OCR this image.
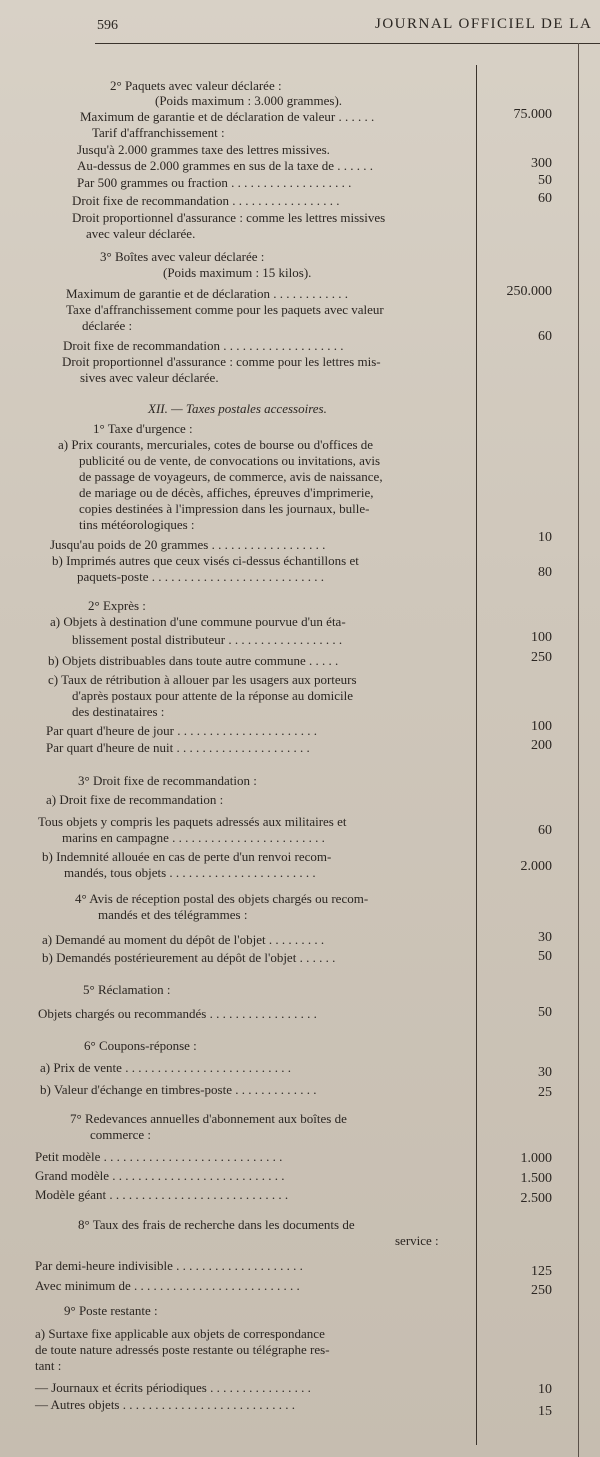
596	JOURNAL OFFICIEL DE LA
2° Paquets avec valeur déclarée :
(Poids maximum : 3.000 grammes).
Maximum de garantie et de déclaration de valeur . . . . . .
Tarif d'affranchissement :
Jusqu'à 2.000 grammes taxe des lettres missives.
Au-dessus de 2.000 grammes en sus de la taxe de . . . . . .
Par 500 grammes ou fraction . . . . . . . . . . . . . . . . . . .
Droit fixe de recommandation . . . . . . . . . . . . . . . . .
Droit proportionnel d'assurance : comme les lettres missives
avec valeur déclarée.
3° Boîtes avec valeur déclarée :
(Poids maximum : 15 kilos).
Maximum de garantie et de déclaration . . . . . . . . . . . .
Taxe d'affranchissement comme pour les paquets avec valeur
déclarée :
Droit fixe de recommandation . . . . . . . . . . . . . . . . . . .
Droit proportionnel d'assurance : comme pour les lettres mis-
sives avec valeur déclarée.
XII. — Taxes postales accessoires.
1° Taxe d'urgence :
a) Prix courants, mercuriales, cotes de bourse ou d'offices de
publicité ou de vente, de convocations ou invitations, avis
de passage de voyageurs, de commerce, avis de naissance,
de mariage ou de décès, affiches, épreuves d'imprimerie,
copies destinées à l'impression dans les journaux, bulle-
tins météorologiques :
Jusqu'au poids de 20 grammes . . . . . . . . . . . . . . . . . .
b) Imprimés autres que ceux visés ci-dessus échantillons et
paquets-poste . . . . . . . . . . . . . . . . . . . . . . . . . . .
2° Exprès :
a) Objets à destination d'une commune pourvue d'un éta-
blissement postal distributeur . . . . . . . . . . . . . . . . . .
b) Objets distribuables dans toute autre commune . . . . .
c) Taux de rétribution à allouer par les usagers aux porteurs
d'après postaux pour attente de la réponse au domicile
des destinataires :
Par quart d'heure de jour . . . . . . . . . . . . . . . . . . . . . .
Par quart d'heure de nuit . . . . . . . . . . . . . . . . . . . . .
3° Droit fixe de recommandation :
a) Droit fixe de recommandation :
Tous objets y compris les paquets adressés aux militaires et
marins en campagne . . . . . . . . . . . . . . . . . . . . . . . .
b) Indemnité allouée en cas de perte d'un renvoi recom-
mandés, tous objets . . . . . . . . . . . . . . . . . . . . . . .
4° Avis de réception postal des objets chargés ou recom-
mandés et des télégrammes :
a) Demandé au moment du dépôt de l'objet . . . . . . . . .
b) Demandés postérieurement au dépôt de l'objet . . . . . .
5° Réclamation :
Objets chargés ou recommandés . . . . . . . . . . . . . . . . .
6° Coupons-réponse :
a) Prix de vente . . . . . . . . . . . . . . . . . . . . . . . . . .
b) Valeur d'échange en timbres-poste . . . . . . . . . . . . .
7° Redevances annuelles d'abonnement aux boîtes de
commerce :
Petit modèle . . . . . . . . . . . . . . . . . . . . . . . . . . . .
Grand modèle . . . . . . . . . . . . . . . . . . . . . . . . . . .
Modèle géant . . . . . . . . . . . . . . . . . . . . . . . . . . . .
8° Taux des frais de recherche dans les documents de
service :
Par demi-heure indivisible . . . . . . . . . . . . . . . . . . . .
Avec minimum de . . . . . . . . . . . . . . . . . . . . . . . . . .
9° Poste restante :
a) Surtaxe fixe applicable aux objets de correspondance
de toute nature adressés poste restante ou télégraphe res-
tant :
— Journaux et écrits périodiques . . . . . . . . . . . . . . . .
— Autres objets . . . . . . . . . . . . . . . . . . . . . . . . . . .
75.000
300
50
60
250.000
60
10
80
100
250
100
200
60
2.000
30
50
50
30
25
1.000
1.500
2.500
125
250
10
15
